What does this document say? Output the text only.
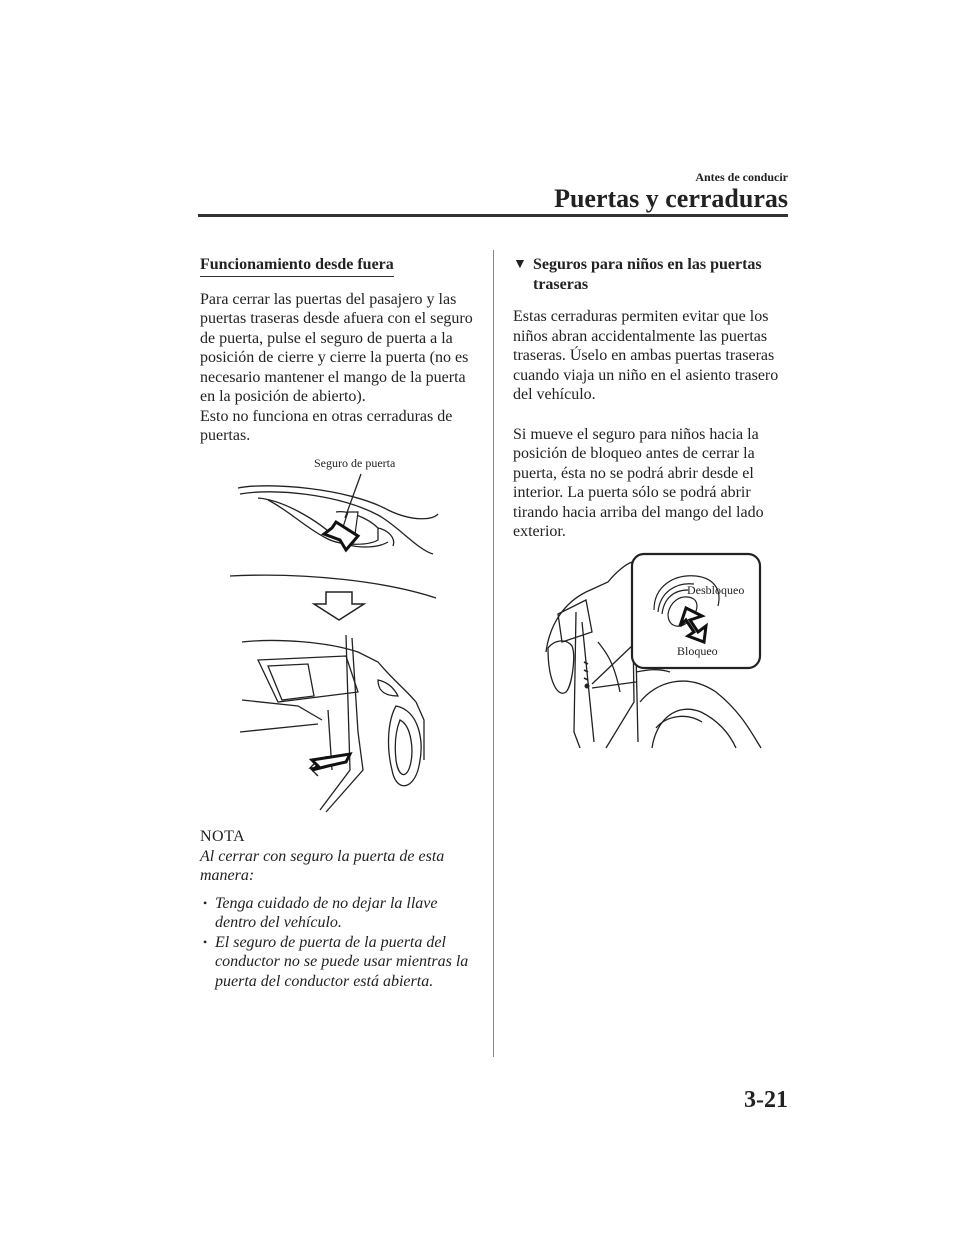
Antes de conducir
Puertas y cerraduras
Funcionamiento desde fuera

Para cerrar las puertas del pasajero y las
puertas traseras desde afuera con el seguro
de puerta, pulse el seguro de puerta a la
posición de cierre y cierre la puerta (no es
necesario mantener el mango de la puerta
en la posición de abierto).
Esto no funciona en otras cerraduras de
puertas.

Seguro de puerta
NOTA

Al cerrar con seguro la puerta de esta
manera:

• Tenga cuidado de no dejar la llave
dentro del vehículo.
• El seguro de puerta de la puerta del
conductor no se puede usar mientras la
puerta del conductor está abierta.
▼ Seguros para niños en las puertas
traseras

Estas cerraduras permiten evitar que los
niños abran accidentalmente las puertas
traseras. Úselo en ambas puertas traseras
cuando viaja un niño en el asiento trasero
del vehículo.

Si mueve el seguro para niños hacia la
posición de bloqueo antes de cerrar la
puerta, ésta no se podrá abrir desde el
interior. La puerta sólo se podrá abrir
tirando hacia arriba del mango del lado
exterior.

Desbloqueo
Bloqueo
3-21
